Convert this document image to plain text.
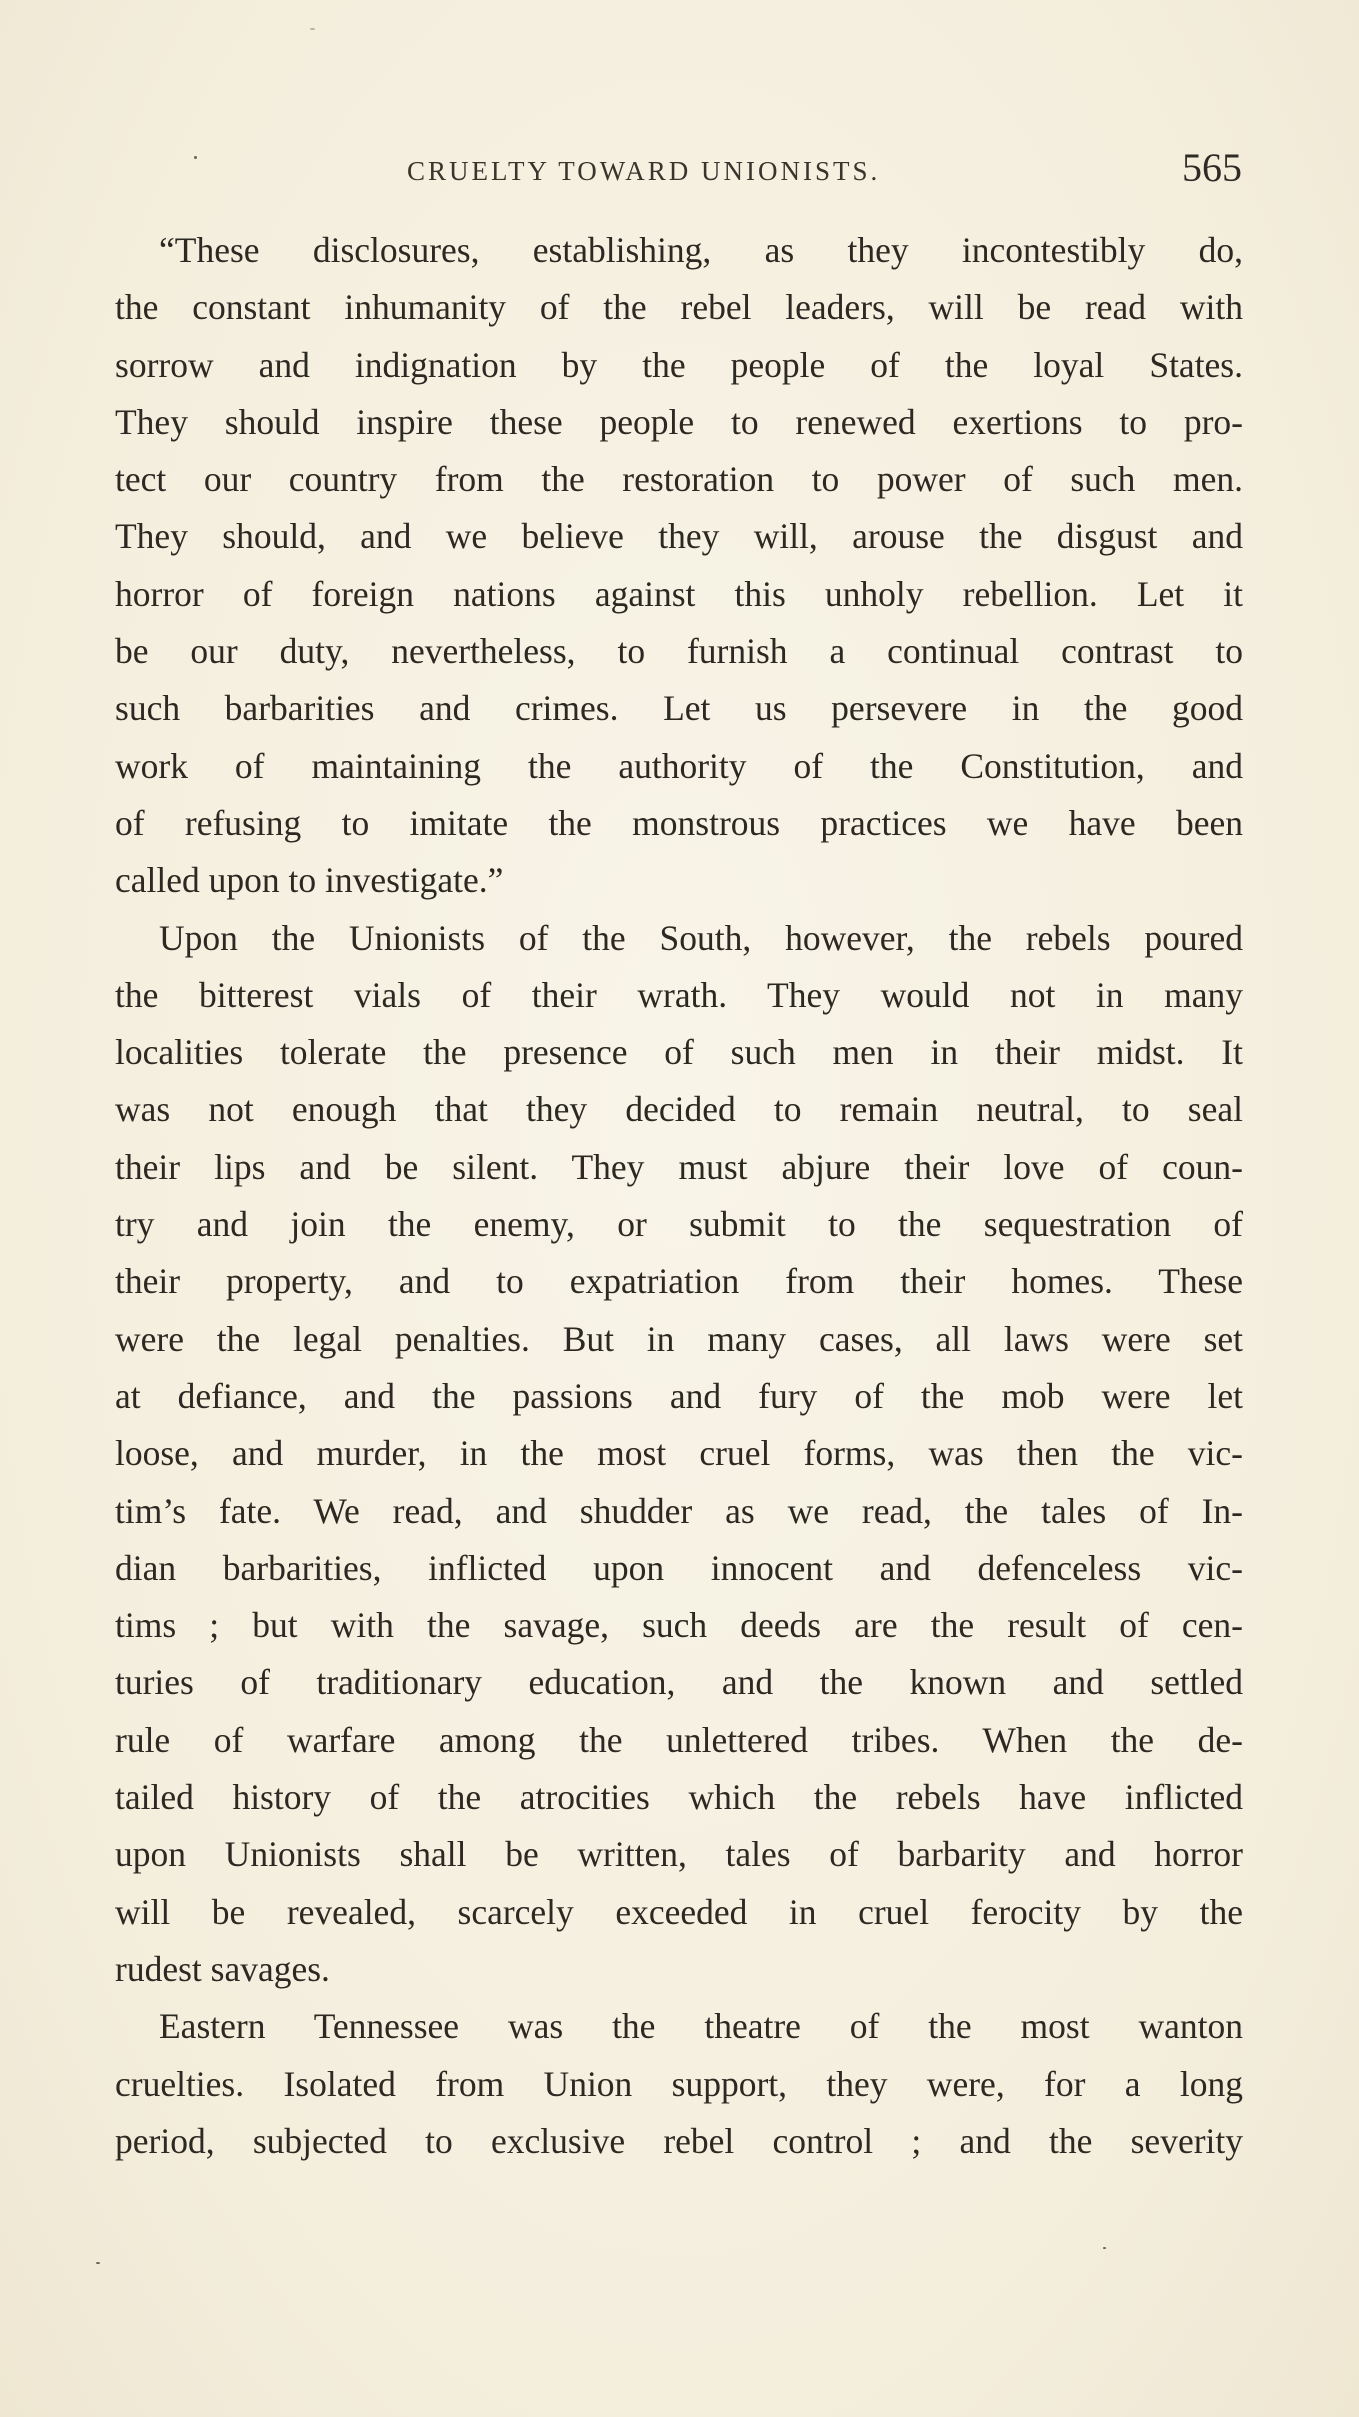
CRUELTY TOWARD UNIONISTS.	565
“These disclosures, establishing, as they incontestibly do,
the constant inhumanity of the rebel leaders, will be read with
sorrow and indignation by the people of the loyal States.
They should inspire these people to renewed exertions to pro-
tect our country from the restoration to power of such men.
They should, and we believe they will, arouse the disgust and
horror of foreign nations against this unholy rebellion. Let it
be our duty, nevertheless, to furnish a continual contrast to
such barbarities and crimes. Let us persevere in the good
work of maintaining the authority of the Constitution, and
of refusing to imitate the monstrous practices we have been
called upon to investigate.”
Upon the Unionists of the South, however, the rebels poured
the bitterest vials of their wrath. They would not in many
localities tolerate the presence of such men in their midst. It
was not enough that they decided to remain neutral, to seal
their lips and be silent. They must abjure their love of coun-
try and join the enemy, or submit to the sequestration of
their property, and to expatriation from their homes. These
were the legal penalties. But in many cases, all laws were set
at defiance, and the passions and fury of the mob were let
loose, and murder, in the most cruel forms, was then the vic-
tim’s fate. We read, and shudder as we read, the tales of In-
dian barbarities, inflicted upon innocent and defenceless vic-
tims ; but with the savage, such deeds are the result of cen-
turies of traditionary education, and the known and settled
rule of warfare among the unlettered tribes. When the de-
tailed history of the atrocities which the rebels have inflicted
upon Unionists shall be written, tales of barbarity and horror
will be revealed, scarcely exceeded in cruel ferocity by the
rudest savages.
Eastern Tennessee was the theatre of the most wanton
cruelties. Isolated from Union support, they were, for a long
period, subjected to exclusive rebel control ; and the severity
